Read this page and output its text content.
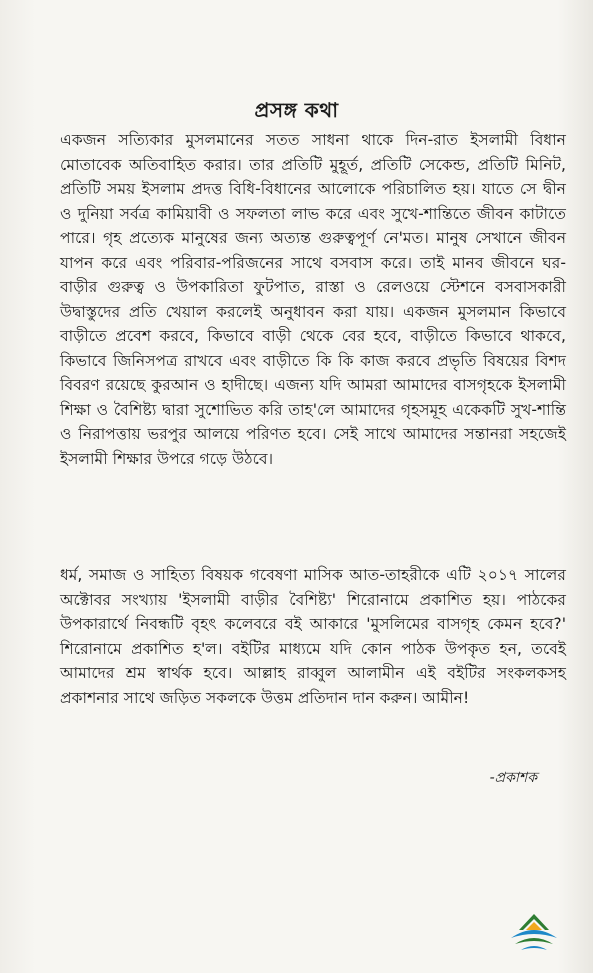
প্রসঙ্গ কথা
একজন সত্যিকার মুসলমানের সতত সাধনা থাকে দিন-রাত ইসলামী বিধান মোতাবেক অতিবাহিত করার। তার প্রতিটি মুহূর্ত, প্রতিটি সেকেন্ড, প্রতিটি মিনিট, প্রতিটি সময় ইসলাম প্রদত্ত বিধি-বিধানের আলোকে পরিচালিত হয়। যাতে সে দ্বীন ও দুনিয়া সর্বত্র কামিয়াবী ও সফলতা লাভ করে এবং সুখে-শান্তিতে জীবন কাটাতে পারে। গৃহ প্রত্যেক মানুষের জন্য অত্যন্ত গুরুত্বপূর্ণ নে'মত। মানুষ সেখানে জীবন যাপন করে এবং পরিবার-পরিজনের সাথে বসবাস করে। তাই মানব জীবনে ঘর-বাড়ীর গুরুত্ব ও উপকারিতা ফুটপাত, রাস্তা ও রেলওয়ে স্টেশনে বসবাসকারী উদ্বাস্তুদের প্রতি খেয়াল করলেই অনুধাবন করা যায়। একজন মুসলমান কিভাবে বাড়ীতে প্রবেশ করবে, কিভাবে বাড়ী থেকে বের হবে, বাড়ীতে কিভাবে থাকবে, কিভাবে জিনিসপত্র রাখবে এবং বাড়ীতে কি কি কাজ করবে প্রভৃতি বিষয়ের বিশদ বিবরণ রয়েছে কুরআন ও হাদীছে। এজন্য যদি আমরা আমাদের বাসগৃহকে ইসলামী শিক্ষা ও বৈশিষ্ট্য দ্বারা সুশোভিত করি তাহ'লে আমাদের গৃহসমূহ একেকটি সুখ-শান্তি ও নিরাপত্তায় ভরপুর আলয়ে পরিণত হবে। সেই সাথে আমাদের সন্তানরা সহজেই ইসলামী শিক্ষার উপরে গড়ে উঠবে।
ধর্ম, সমাজ ও সাহিত্য বিষয়ক গবেষণা মাসিক আত-তাহরীকে এটি ২০১৭ সালের অক্টোবর সংখ্যায় 'ইসলামী বাড়ীর বৈশিষ্ট্য' শিরোনামে প্রকাশিত হয়। পাঠকের উপকারার্থে নিবন্ধটি বৃহৎ কলেবরে বই আকারে 'মুসলিমের বাসগৃহ কেমন হবে?' শিরোনামে প্রকাশিত হ'ল। বইটির মাধ্যমে যদি কোন পাঠক উপকৃত হন, তবেই আমাদের শ্রম স্বার্থক হবে। আল্লাহ রাব্বুল আলামীন এই বইটির সংকলকসহ প্রকাশনার সাথে জড়িত সকলকে উত্তম প্রতিদান দান করুন। আমীন!
-প্রকাশক
